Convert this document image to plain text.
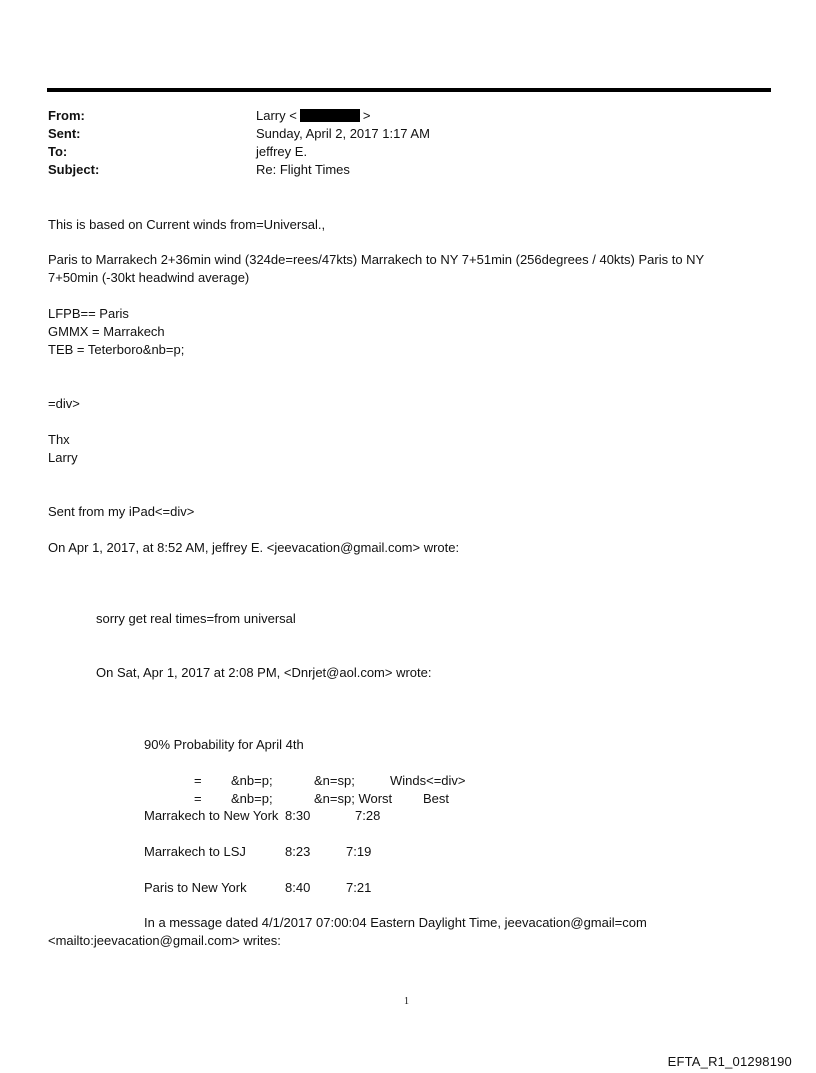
From:	Larry <	>
Sent:	Sunday, April 2, 2017 1:17 AM
To:	jeffrey E.
Subject:	Re: Flight Times
This is based on Current winds from=Universal.,
Paris to Marrakech 2+36min wind (324de=rees/47kts) Marrakech to NY 7+51min (256degrees / 40kts) Paris to NY
7+50min (-30kt headwind average)
LFPB== Paris
GMMX = Marrakech
TEB = Teterboro&nb=p;
=div>
Thx
Larry
Sent from my iPad<=div>
On Apr 1, 2017, at 8:52 AM, jeffrey E. <jeevacation@gmail.com> wrote:
sorry get real times=from universal
On Sat, Apr 1, 2017 at 2:08 PM, <Dnrjet@aol.com> wrote:
90% Probability for April 4th
= &nb=p;	&n=sp;	Winds<=div>
= &nb=p;	&n=sp; Worst Best
Marrakech to New York 8:30	7:28
Marrakech to LSJ	8:23	7:19
Paris to New York	8:40	7:21
In a message dated 4/1/2017 07:00:04 Eastern Daylight Time, jeevacation@gmail=com
<mailto:jeevacation@gmail.com> writes:
1
EFTA_R1_01298190
